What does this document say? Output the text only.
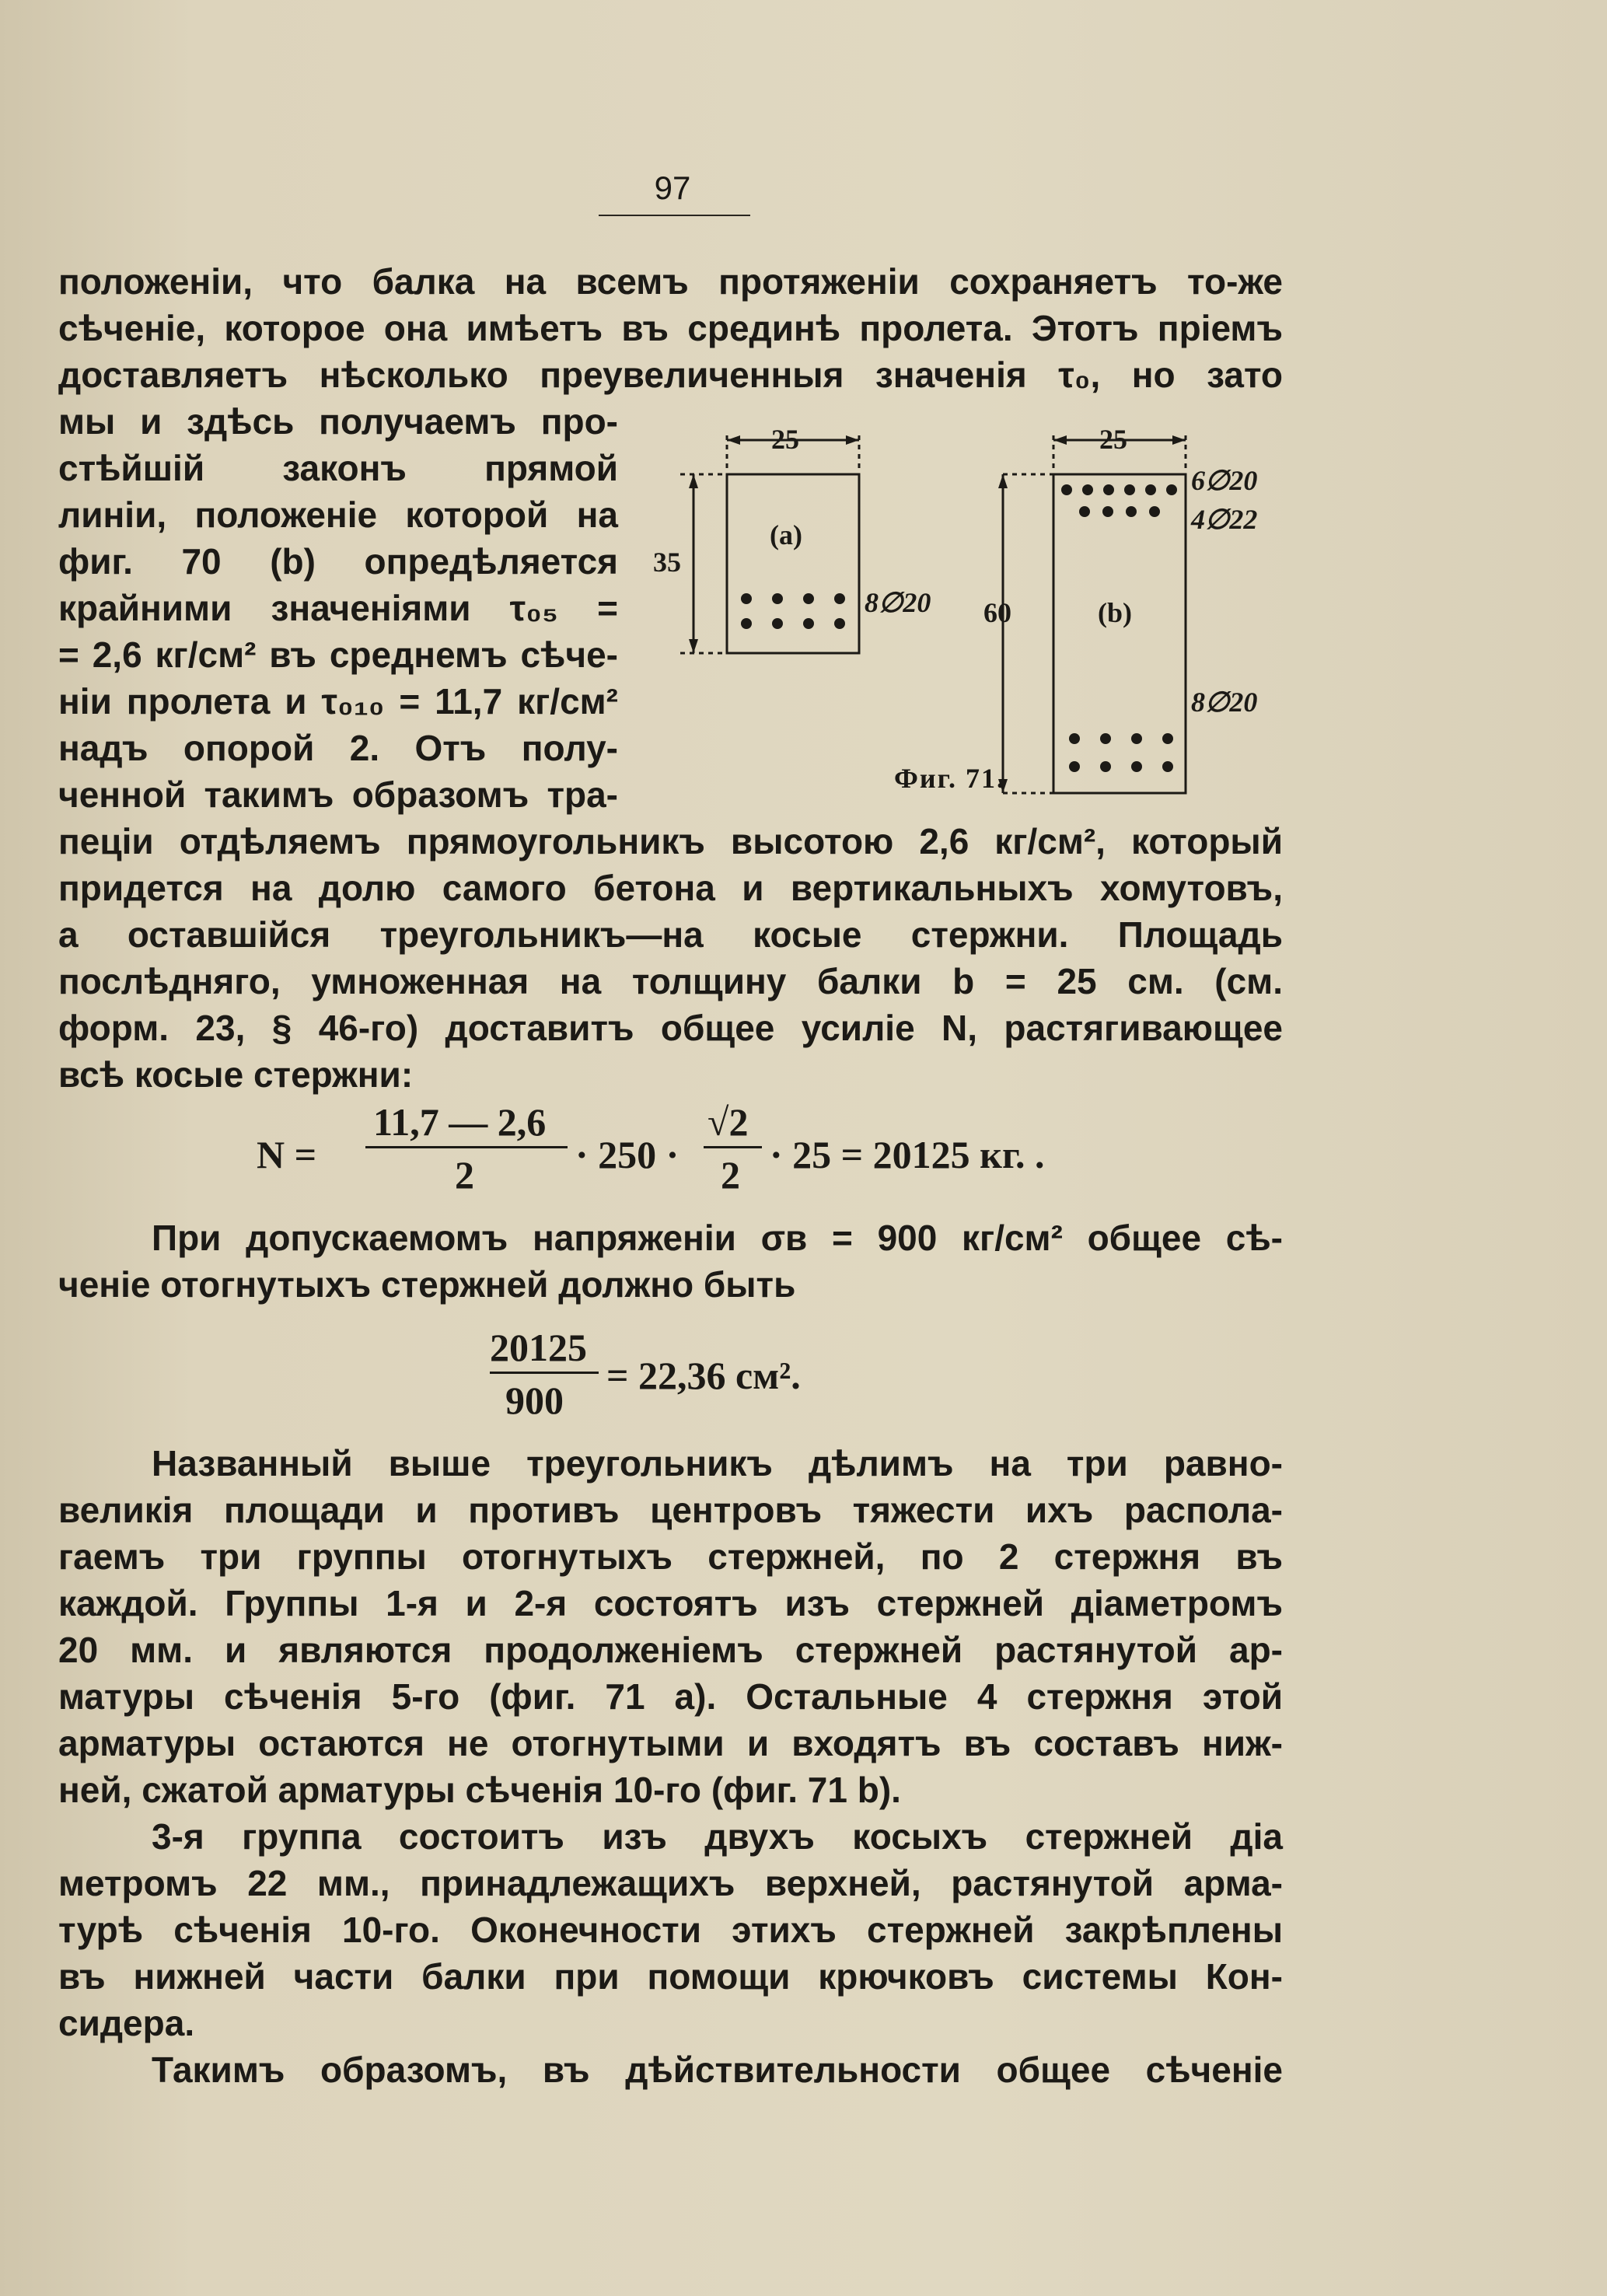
97
положеніи, что балка на всемъ протяженіи сохраняетъ то-же
сѣченіе, которое она имѣетъ въ срединѣ пролета. Этотъ пріемъ
доставляетъ нѣсколько преувеличенныя значенія τ₀, но зато
мы и здѣсь получаемъ про-
стѣйшій законъ прямой
линіи, положеніе которой на
фиг. 70 (b) опредѣляется
крайними значеніями τ₀₅ =
= 2,6 кг/см² въ среднемъ сѣче-
ніи пролета и τ₀₁₀ = 11,7 кг/см²
надъ опорой 2. Отъ полу-
ченной такимъ образомъ тра-
25
35
(a)
8∅20
25
60	(b)
6∅20
4∅22
8∅20
Фиг. 71.
пеціи отдѣляемъ прямоугольникъ высотою 2,6 кг/см², который
придется на долю самого бетона и вертикальныхъ хомутовъ,
а оставшійся треугольникъ—на косые стержни. Площадь
послѣдняго, умноженная на толщину балки b = 25 см. (см.
форм. 23, § 46-го) доставитъ общее усиліе N, растягивающее
всѣ косые стержни:
N =
11,7 — 2,6
2	· 250 ·
√2
2 · 25 = 20125 кг. .
При допускаемомъ напряженіи σв = 900 кг/см² общее сѣ-
ченіе отогнутыхъ стержней должно быть
20125
900
= 22,36 см².
Названный выше треугольникъ дѣлимъ на три равно-
великія площади и противъ центровъ тяжести ихъ распола-
гаемъ три группы отогнутыхъ стержней, по 2 стержня въ
каждой. Группы 1-я и 2-я состоятъ изъ стержней діаметромъ
20 мм. и являются продолженіемъ стержней растянутой ар-
матуры сѣченія 5-го (фиг. 71 a). Остальные 4 стержня этой
арматуры остаются не отогнутыми и входятъ въ составъ ниж-
ней, сжатой арматуры сѣченія 10-го (фиг. 71 b).
3-я группа состоитъ изъ двухъ косыхъ стержней діа
метромъ 22 мм., принадлежащихъ верхней, растянутой арма-
турѣ сѣченія 10-го. Оконечности этихъ стержней закрѣплены
въ нижней части балки при помощи крючковъ системы Кон-
сидера.
Такимъ образомъ, въ дѣйствительности общее сѣченіе
